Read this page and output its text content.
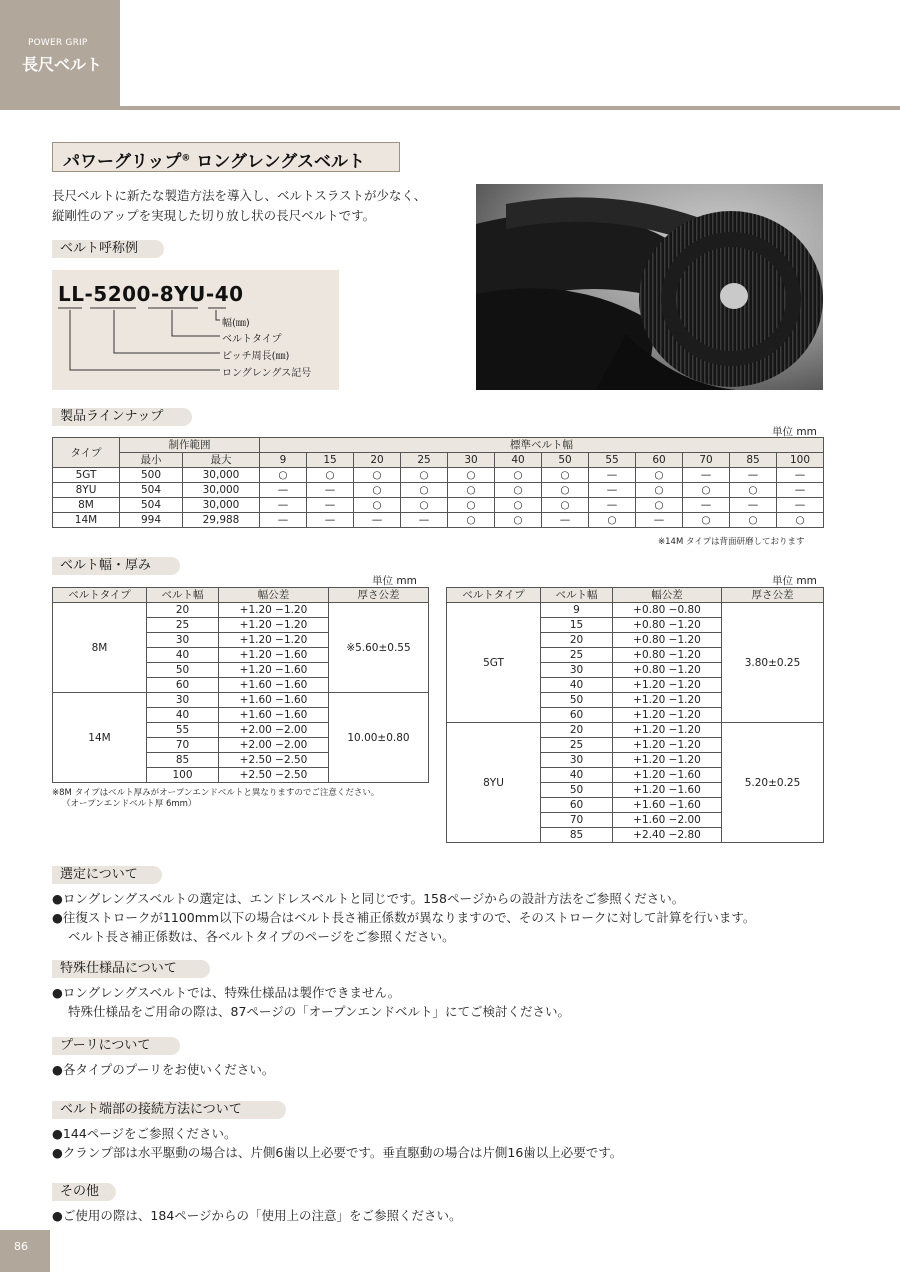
POWER GRIP
長尺ベルト
パワーグリップ® ロングレングスベルト
長尺ベルトに新たな製造方法を導入し、ベルトスラストが少なく、
縦剛性のアップを実現した切り放し状の長尺ベルトです。
ベルト呼称例
LL-5200-8YU-40
幅(㎜)
ベルトタイプ
ピッチ周長(㎜)
ロングレングス記号
製品ラインナップ
単位 mm
タイプ	制作範囲		標準ベルト幅											
	最小	最大	9	15	20	25	30	40	50	55	60	70	85	100
5GT	500	30,000	○	○	○	○	○	○	○	—	○	—	—	—
8YU	504	30,000	—	—	○	○	○	○	○	—	○	○	○	—
8M	504	30,000	—	—	○	○	○	○	○	—	○	—	—	—
14M	994	29,988	—	—	—	—	○	○	—	○	—	○	○	○
※14M タイプは背面研磨しております
ベルト幅・厚み
単位 mm	単位 mm
ベルトタイプ	ベルト幅	幅公差	厚さ公差
8M	20	+1.20 −1.20	※5.60±0.55
	25	+1.20 −1.20	
	30	+1.20 −1.20	
	40	+1.20 −1.60	
	50	+1.20 −1.60	
	60	+1.60 −1.60	
14M	30	+1.60 −1.60	10.00±0.80
	40	+1.60 −1.60	
	55	+2.00 −2.00	
	70	+2.00 −2.00	
	85	+2.50 −2.50	
	100	+2.50 −2.50	
※8M タイプはベルト厚みがオープンエンドベルトと異なりますのでご注意ください。
（オープンエンドベルト厚 6mm）
ベルトタイプ	ベルト幅	幅公差	厚さ公差
5GT	9	+0.80 −0.80	3.80±0.25
	15	+0.80 −1.20	
	20	+0.80 −1.20	
	25	+0.80 −1.20	
	30	+0.80 −1.20	
	40	+1.20 −1.20	
	50	+1.20 −1.20	
	60	+1.20 −1.20	
8YU	20	+1.20 −1.20	5.20±0.25
	25	+1.20 −1.20	
	30	+1.20 −1.20	
	40	+1.20 −1.60	
	50	+1.20 −1.60	
	60	+1.60 −1.60	
	70	+1.60 −2.00	
	85	+2.40 −2.80	
選定について
●ロングレングスベルトの選定は、エンドレスベルトと同じです。158ページからの設計方法をご参照ください。
●往復ストロークが1100mm以下の場合はベルト長さ補正係数が異なりますので、そのストロークに対して計算を行います。
ベルト長さ補正係数は、各ベルトタイプのページをご参照ください。
特殊仕様品について
●ロングレングスベルトでは、特殊仕様品は製作できません。
特殊仕様品をご用命の際は、87ページの「オープンエンドベルト」にてご検討ください。
プーリについて
●各タイプのプーリをお使いください。
ベルト端部の接続方法について
●144ページをご参照ください。
●クランプ部は水平駆動の場合は、片側6歯以上必要です。垂直駆動の場合は片側16歯以上必要です。
その他
●ご使用の際は、184ページからの「使用上の注意」をご参照ください。
86
